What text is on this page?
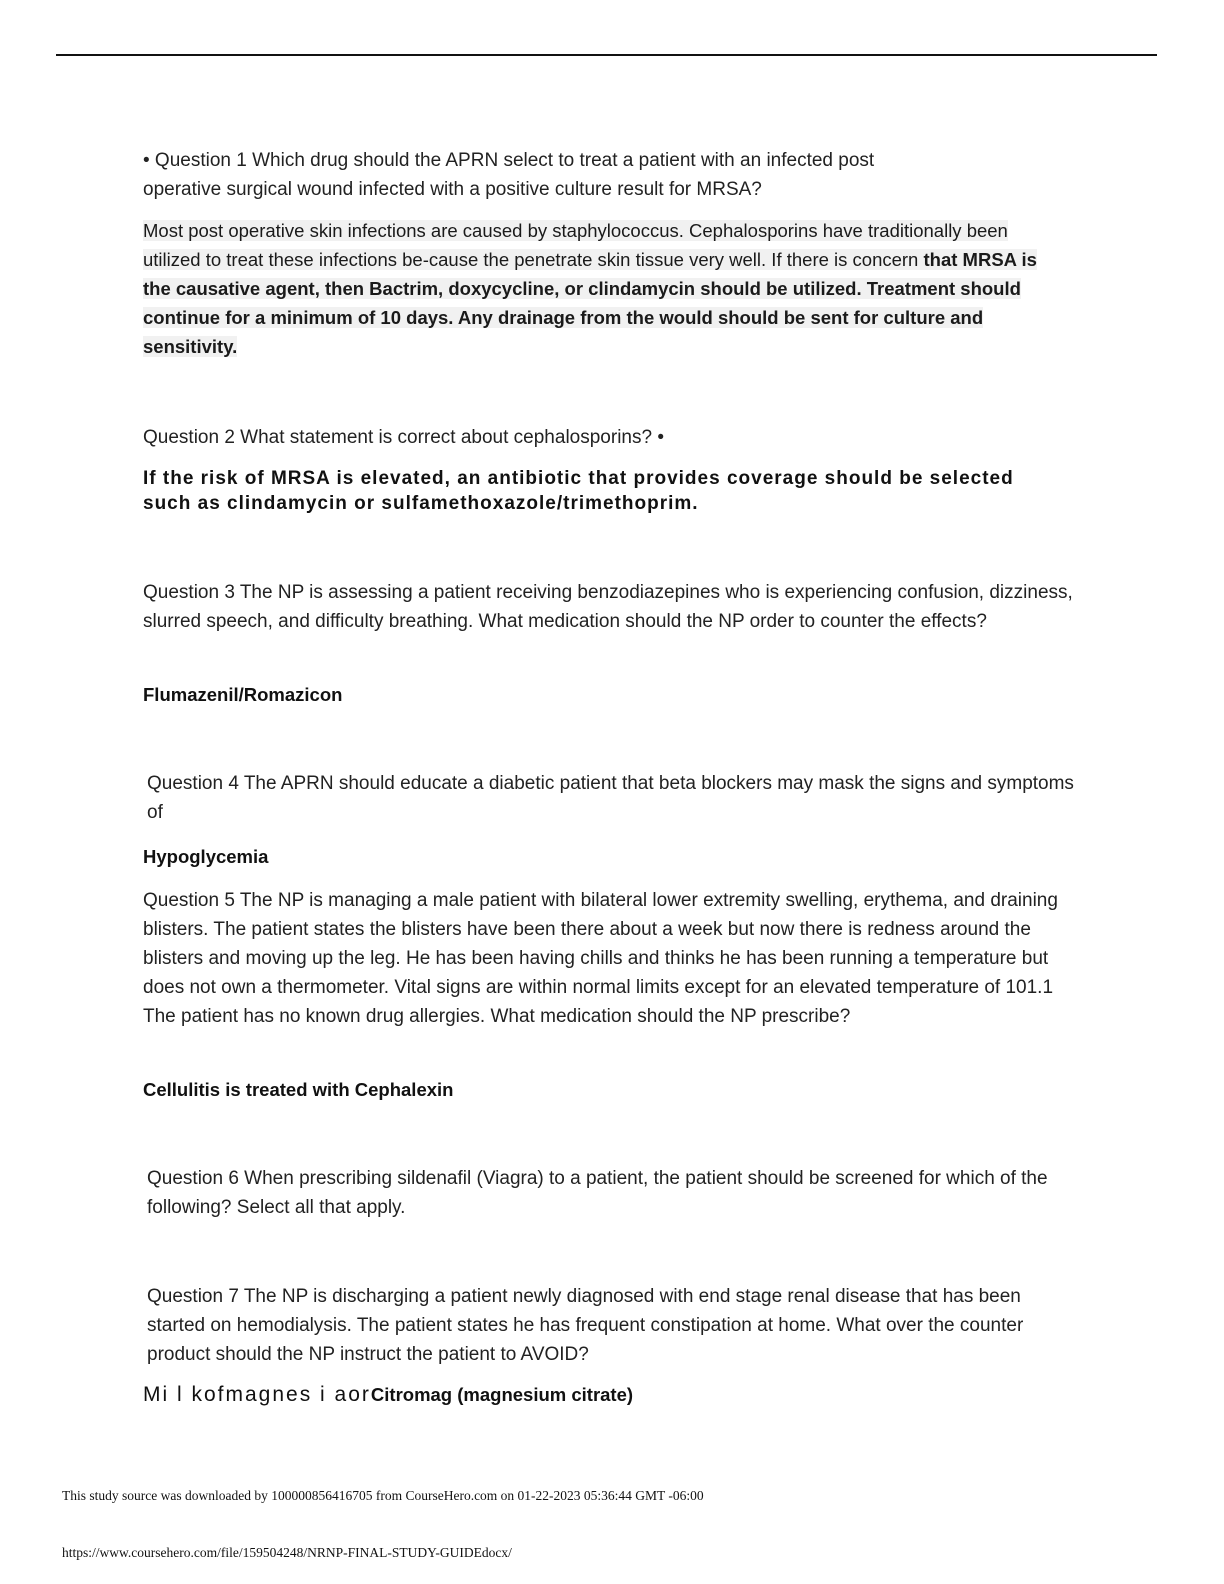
• Question 1 Which drug should the APRN select to treat a patient with an infected post operative surgical wound infected with a positive culture result for MRSA?
Most post operative skin infections are caused by staphylococcus. Cephalosporins have traditionally been utilized to treat these infections be-cause the penetrate skin tissue very well. If there is concern that MRSA is the causative agent, then Bactrim, doxycycline, or clindamycin should be utilized. Treatment should continue for a minimum of 10 days. Any drainage from the would should be sent for culture and sensitivity.
Question 2 What statement is correct about cephalosporins? •
If the risk of MRSA is elevated, an antibiotic that provides coverage should be selected such as clindamycin or sulfamethoxazole/trimethoprim.
Question 3 The NP is assessing a patient receiving benzodiazepines who is experiencing confusion, dizziness, slurred speech, and difficulty breathing. What medication should the NP order to counter the effects?
Flumazenil/Romazicon
Question 4 The APRN should educate a diabetic patient that beta blockers may mask the signs and symptoms of
Hypoglycemia
Question 5 The NP is managing a male patient with bilateral lower extremity swelling, erythema, and draining blisters. The patient states the blisters have been there about a week but now there is redness around the blisters and moving up the leg. He has been having chills and thinks he has been running a temperature but does not own a thermometer. Vital signs are within normal limits except for an elevated temperature of 101.1 The patient has no known drug allergies. What medication should the NP prescribe?
Cellulitis is treated with Cephalexin
Question 6 When prescribing sildenafil (Viagra) to a patient, the patient should be screened for which of the following? Select all that apply.
Question 7 The NP is discharging a patient newly diagnosed with end stage renal disease that has been started on hemodialysis. The patient states he has frequent constipation at home. What over the counter product should the NP instruct the patient to AVOID?
Mi l kofmagnes i aorCitromag (magnesium citrate)
This study source was downloaded by 100000856416705 from CourseHero.com on 01-22-2023 05:36:44 GMT -06:00
https://www.coursehero.com/file/159504248/NRNP-FINAL-STUDY-GUIDEdocx/
